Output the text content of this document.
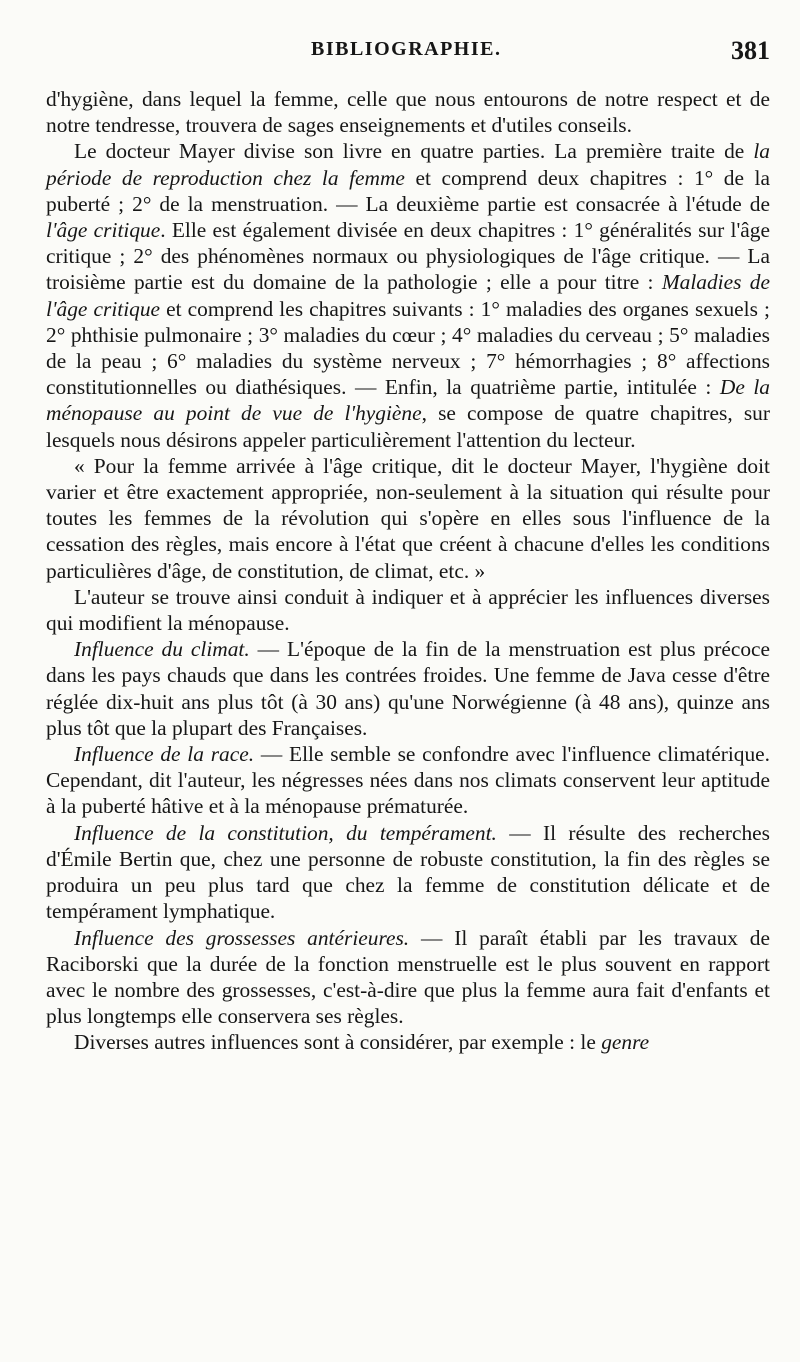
BIBLIOGRAPHIE.	381

d'hygiène, dans lequel la femme, celle que nous entourons de notre respect et de notre tendresse, trouvera de sages enseignements et d'utiles conseils.

Le docteur Mayer divise son livre en quatre parties. La première traite de la période de reproduction chez la femme et comprend deux chapitres : 1° de la puberté ; 2° de la menstruation. — La deuxième partie est consacrée à l'étude de l'âge critique. Elle est également divisée en deux chapitres : 1° généralités sur l'âge critique ; 2° des phénomènes normaux ou physiologiques de l'âge critique. — La troisième partie est du domaine de la pathologie ; elle a pour titre : Maladies de l'âge critique et comprend les chapitres suivants : 1° maladies des organes sexuels ; 2° phthisie pulmonaire ; 3° maladies du cœur ; 4° maladies du cerveau ; 5° maladies de la peau ; 6° maladies du système nerveux ; 7° hémorrhagies ; 8° affections constitutionnelles ou diathésiques. — Enfin, la quatrième partie, intitulée : De la ménopause au point de vue de l'hygiène, se compose de quatre chapitres, sur lesquels nous désirons appeler particulièrement l'attention du lecteur.

« Pour la femme arrivée à l'âge critique, dit le docteur Mayer, l'hygiène doit varier et être exactement appropriée, non-seulement à la situation qui résulte pour toutes les femmes de la révolution qui s'opère en elles sous l'influence de la cessation des règles, mais encore à l'état que créent à chacune d'elles les conditions particulières d'âge, de constitution, de climat, etc. »

L'auteur se trouve ainsi conduit à indiquer et à apprécier les influences diverses qui modifient la ménopause.

Influence du climat. — L'époque de la fin de la menstruation est plus précoce dans les pays chauds que dans les contrées froides. Une femme de Java cesse d'être réglée dix-huit ans plus tôt (à 30 ans) qu'une Norwégienne (à 48 ans), quinze ans plus tôt que la plupart des Françaises.

Influence de la race. — Elle semble se confondre avec l'influence climatérique. Cependant, dit l'auteur, les négresses nées dans nos climats conservent leur aptitude à la puberté hâtive et à la ménopause prématurée.

Influence de la constitution, du tempérament. — Il résulte des recherches d'Émile Bertin que, chez une personne de robuste constitution, la fin des règles se produira un peu plus tard que chez la femme de constitution délicate et de tempérament lymphatique.

Influence des grossesses antérieures. — Il paraît établi par les travaux de Raciborski que la durée de la fonction menstruelle est le plus souvent en rapport avec le nombre des grossesses, c'est-à-dire que plus la femme aura fait d'enfants et plus longtemps elle conservera ses règles.

Diverses autres influences sont à considérer, par exemple : le genre
